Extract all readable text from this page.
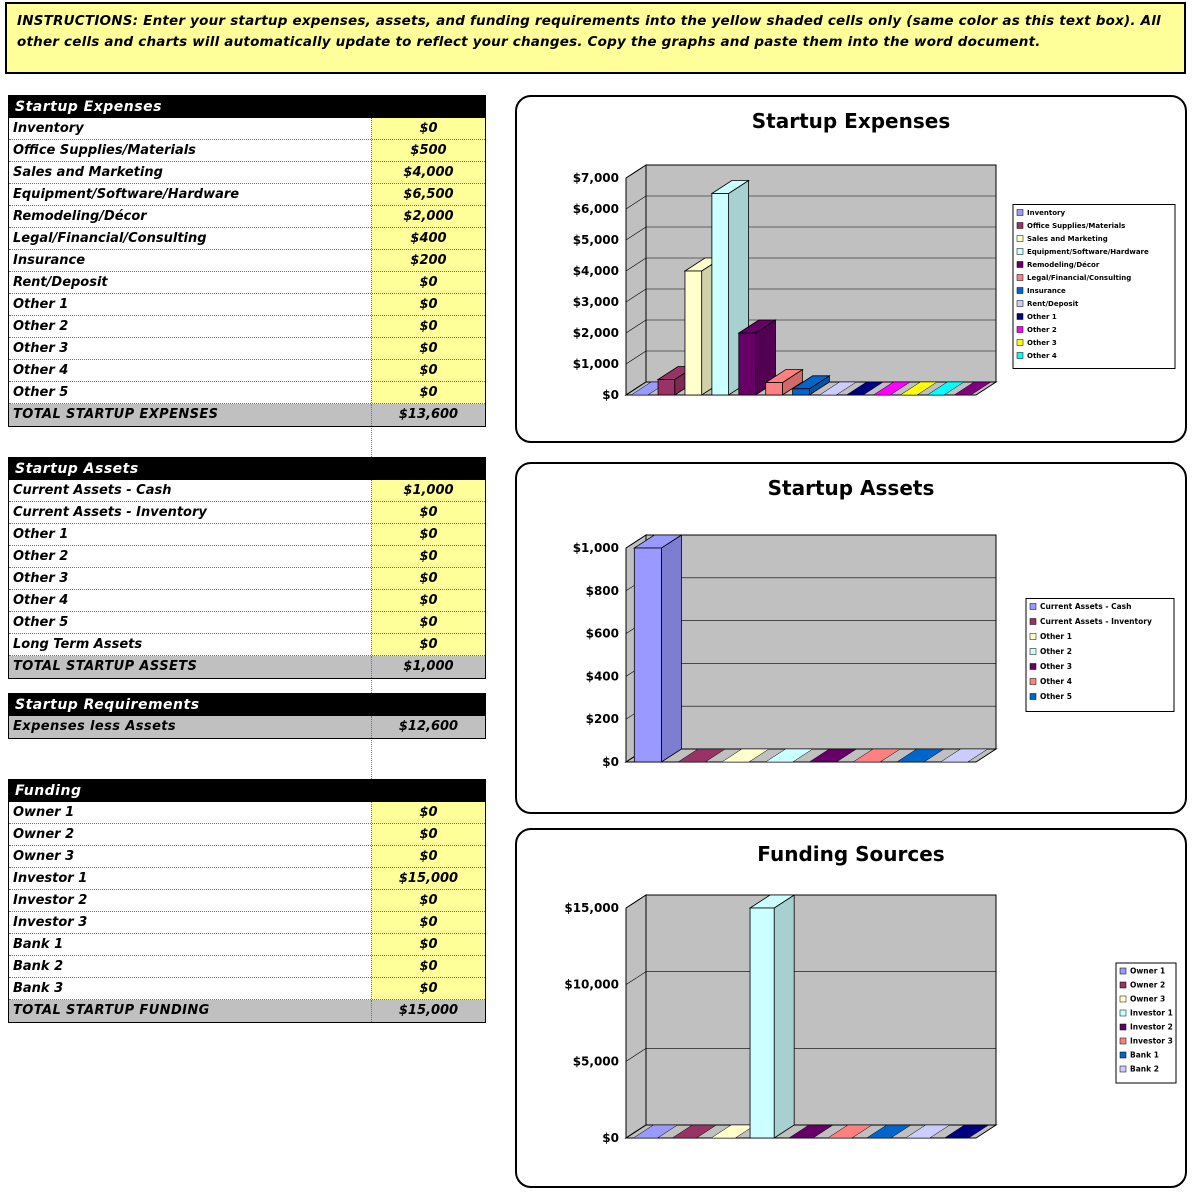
INSTRUCTIONS: Enter your startup expenses, assets, and funding requirements into the yellow shaded cells only (same color as this text box). All other cells and charts will automatically update to reflect your changes. Copy the graphs and paste them into the word document.
Startup Expenses
Inventory	$0
Office Supplies/Materials	$500
Sales and Marketing	$4,000
Equipment/Software/Hardware	$6,500
Remodeling/Décor	$2,000
Legal/Financial/Consulting	$400
Insurance	$200
Rent/Deposit	$0
Other 1	$0
Other 2	$0
Other 3	$0
Other 4	$0
Other 5	$0
TOTAL STARTUP EXPENSES	$13,600
Startup Assets
Current Assets - Cash	$1,000
Current Assets - Inventory	$0
Other 1	$0
Other 2	$0
Other 3	$0
Other 4	$0
Other 5	$0
Long Term Assets	$0
TOTAL STARTUP ASSETS	$1,000
Startup Requirements
Expenses less Assets	$12,600
Funding
Owner 1	$0
Owner 2	$0
Owner 3	$0
Investor 1	$15,000
Investor 2	$0
Investor 3	$0
Bank 1	$0
Bank 2	$0
Bank 3	$0
TOTAL STARTUP FUNDING	$15,000
Startup Expenses
$0
$1,000
$2,000
$3,000
$4,000
$5,000
$6,000
$7,000
Inventory
Office Supplies/Materials
Sales and Marketing
Equipment/Software/Hardware
Remodeling/Décor
Legal/Financial/Consulting
Insurance
Rent/Deposit
Other 1
Other 2
Other 3
Other 4
Startup Assets
$0
$200
$400
$600
$800
$1,000
Current Assets - Cash
Current Assets - Inventory
Other 1
Other 2
Other 3
Other 4
Other 5
Funding Sources
$0
$5,000
$10,000
$15,000
Owner 1
Owner 2
Owner 3
Investor 1
Investor 2
Investor 3
Bank 1
Bank 2
